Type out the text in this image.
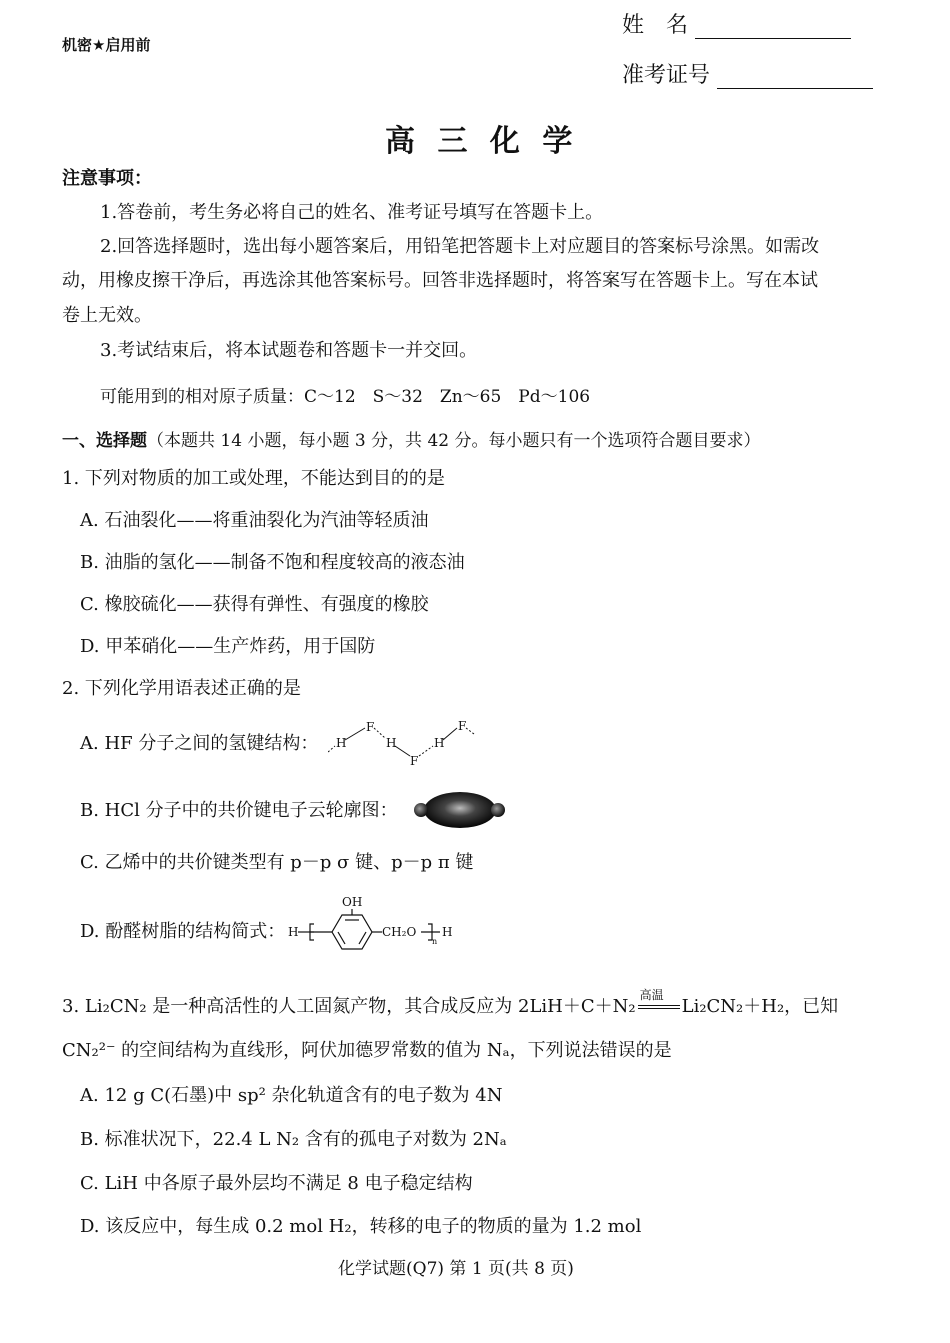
机密★启用前
姓　名
准考证号
高 三 化 学
注意事项：
1.答卷前，考生务必将自己的姓名、准考证号填写在答题卡上。
2.回答选择题时，选出每小题答案后，用铅笔把答题卡上对应题目的答案标号涂黑。如需改
动，用橡皮擦干净后，再选涂其他答案标号。回答非选择题时，将答案写在答题卡上。写在本试
卷上无效。
3.考试结束后，将本试题卷和答题卡一并交回。
可能用到的相对原子质量：C～12　S～32　Zn～65　Pd～106
一、选择题（本题共 14 小题，每小题 3 分，共 42 分。每小题只有一个选项符合题目要求）
1. 下列对物质的加工或处理，不能达到目的的是
A. 石油裂化——将重油裂化为汽油等轻质油
B. 油脂的氢化——制备不饱和程度较高的液态油
C. 橡胶硫化——获得有弹性、有强度的橡胶
D. 甲苯硝化——生产炸药，用于国防
2. 下列化学用语表述正确的是
A. HF 分子之间的氢键结构： H
F
H
F
H
F
B. HCl 分子中的共价键电子云轮廓图：
C. 乙烯中的共价键类型有 p－p σ 键、p－p π 键
D. 酚醛树脂的结构简式： H
OH
CH₂O
n
H
3. Li₂CN₂ 是一种高活性的人工固氮产物，其合成反应为 2LiH＋C＋N₂
高温
Li₂CN₂＋H₂，已知
CN₂²⁻ 的空间结构为直线形，阿伏加德罗常数的值为 Nₐ，下列说法错误的是
A. 12 g C(石墨)中 sp² 杂化轨道含有的电子数为 4N
B. 标准状况下，22.4 L N₂ 含有的孤电子对数为 2Nₐ
C. LiH 中各原子最外层均不满足 8 电子稳定结构
D. 该反应中，每生成 0.2 mol H₂，转移的电子的物质的量为 1.2 mol
化学试题(Q7) 第 1 页(共 8 页)
